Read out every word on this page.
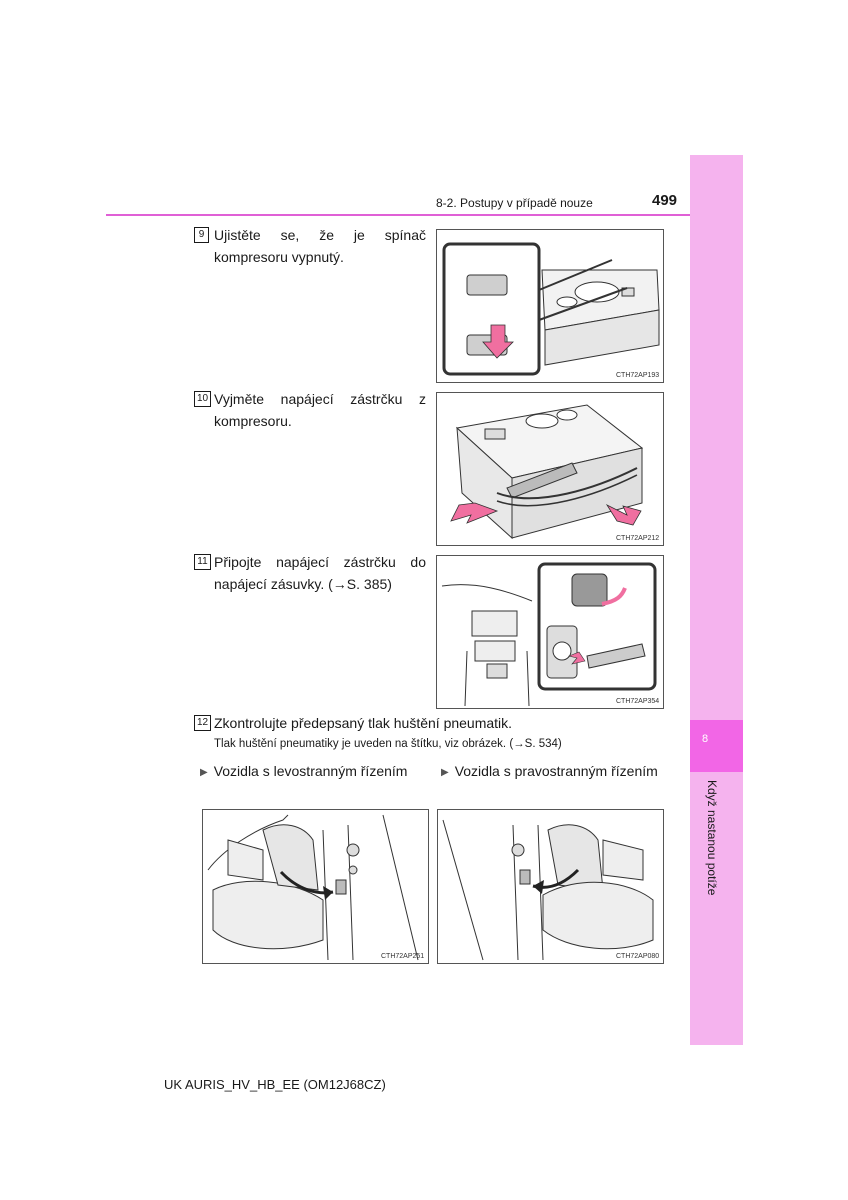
8
Když nastanou potíže
8-2. Postupy v případě nouze	499
9 Ujistěte se, že je spínač kompresoru vypnutý.
CTH72AP193
10 Vyjměte napájecí zástrčku z kompresoru.
CTH72AP212
11 Připojte napájecí zástrčku do napájecí zásuvky. (→S. 385)
CTH72AP354
12 Zkontrolujte předepsaný tlak huštění pneumatik.
Tlak huštění pneumatiky je uveden na štítku, viz obrázek. (→S. 534)
▶ Vozidla s levostranným řízením	▶ Vozidla s pravostranným řízením
CTH72AP251	CTH72AP080
UK AURIS_HV_HB_EE (OM12J68CZ)
